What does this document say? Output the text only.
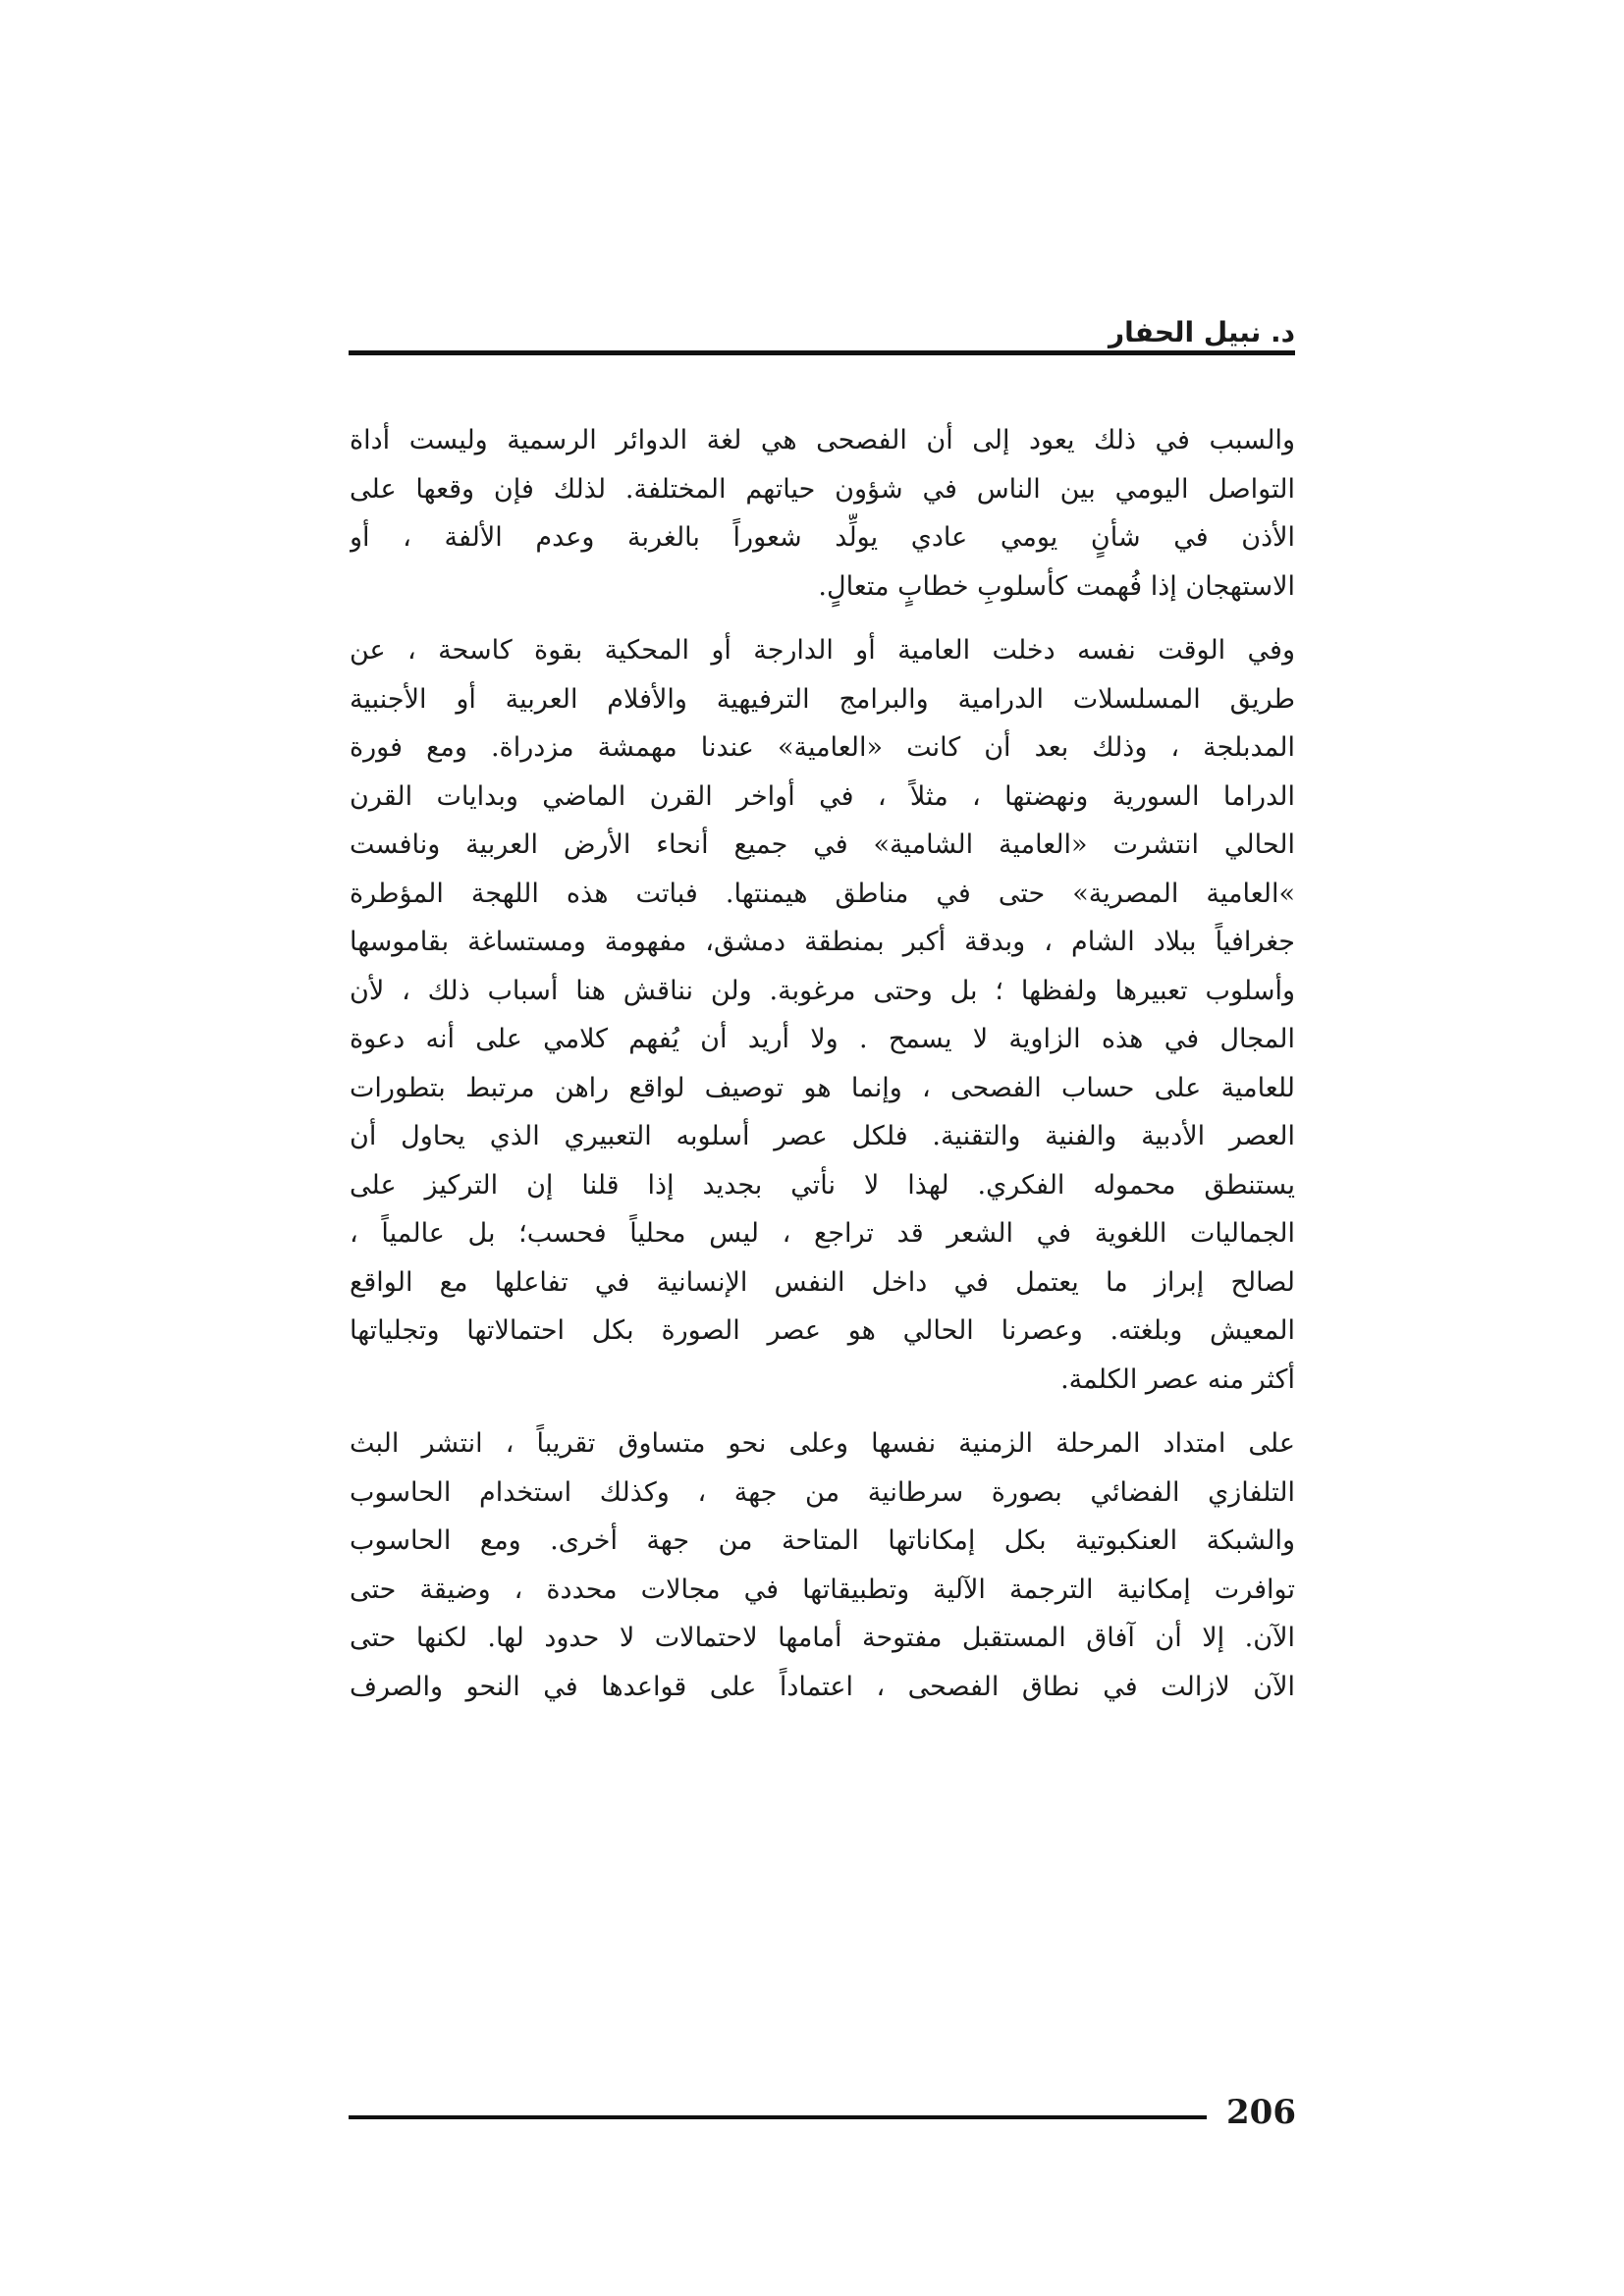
د. نبيل الحفار
والسبب في ذلك يعود إلى أن الفصحى هي لغة الدوائر الرسمية وليست أداة
التواصل اليومي بين الناس في شؤون حياتهم المختلفة. لذلك فإن وقعها على
الأذن في شأنٍ يومي عادي يولِّد شعوراً بالغربة وعدم الألفة ، أو
الاستهجان إذا فُهمت كأسلوبِ خطابٍ متعالٍ.
وفي الوقت نفسه دخلت العامية أو الدارجة أو المحكية بقوة كاسحة ، عن
طريق المسلسلات الدرامية والبرامج الترفيهية والأفلام العربية أو الأجنبية
المدبلجة ، وذلك بعد أن كانت «العامية» عندنا مهمشة مزدراة. ومع فورة
الدراما السورية ونهضتها ، مثلاً ، في أواخر القرن الماضي وبدايات القرن
الحالي انتشرت «العامية الشامية» في جميع أنحاء الأرض العربية ونافست
»العامية المصرية» حتى في مناطق هيمنتها. فباتت هذه اللهجة المؤطرة
جغرافياً ببلاد الشام ، وبدقة أكبر بمنطقة دمشق، مفهومة ومستساغة بقاموسها
وأسلوب تعبيرها ولفظها ؛ بل وحتى مرغوبة. ولن نناقش هنا أسباب ذلك ، لأن
المجال في هذه الزاوية لا يسمح . ولا أريد أن يُفهم كلامي على أنه دعوة
للعامية على حساب الفصحى ، وإنما هو توصيف لواقع راهن مرتبط بتطورات
العصر الأدبية والفنية والتقنية. فلكل عصر أسلوبه التعبيري الذي يحاول أن
يستنطق محموله الفكري. لهذا لا نأتي بجديد إذا قلنا إن التركيز على
الجماليات اللغوية في الشعر قد تراجع ، ليس محلياً فحسب؛ بل عالمياً ،
لصالح إبراز ما يعتمل في داخل النفس الإنسانية في تفاعلها مع الواقع
المعيش وبلغته. وعصرنا الحالي هو عصر الصورة بكل احتمالاتها وتجلياتها
أكثر منه عصر الكلمة.
على امتداد المرحلة الزمنية نفسها وعلى نحو متساوق تقريباً ، انتشر البث
التلفازي الفضائي بصورة سرطانية من جهة ، وكذلك استخدام الحاسوب
والشبكة العنكبوتية بكل إمكاناتها المتاحة من جهة أخرى. ومع الحاسوب
توافرت إمكانية الترجمة الآلية وتطبيقاتها في مجالات محددة ، وضيقة حتى
الآن. إلا أن آفاق المستقبل مفتوحة أمامها لاحتمالات لا حدود لها. لكنها حتى
الآن لازالت في نطاق الفصحى ، اعتماداً على قواعدها في النحو والصرف
206
